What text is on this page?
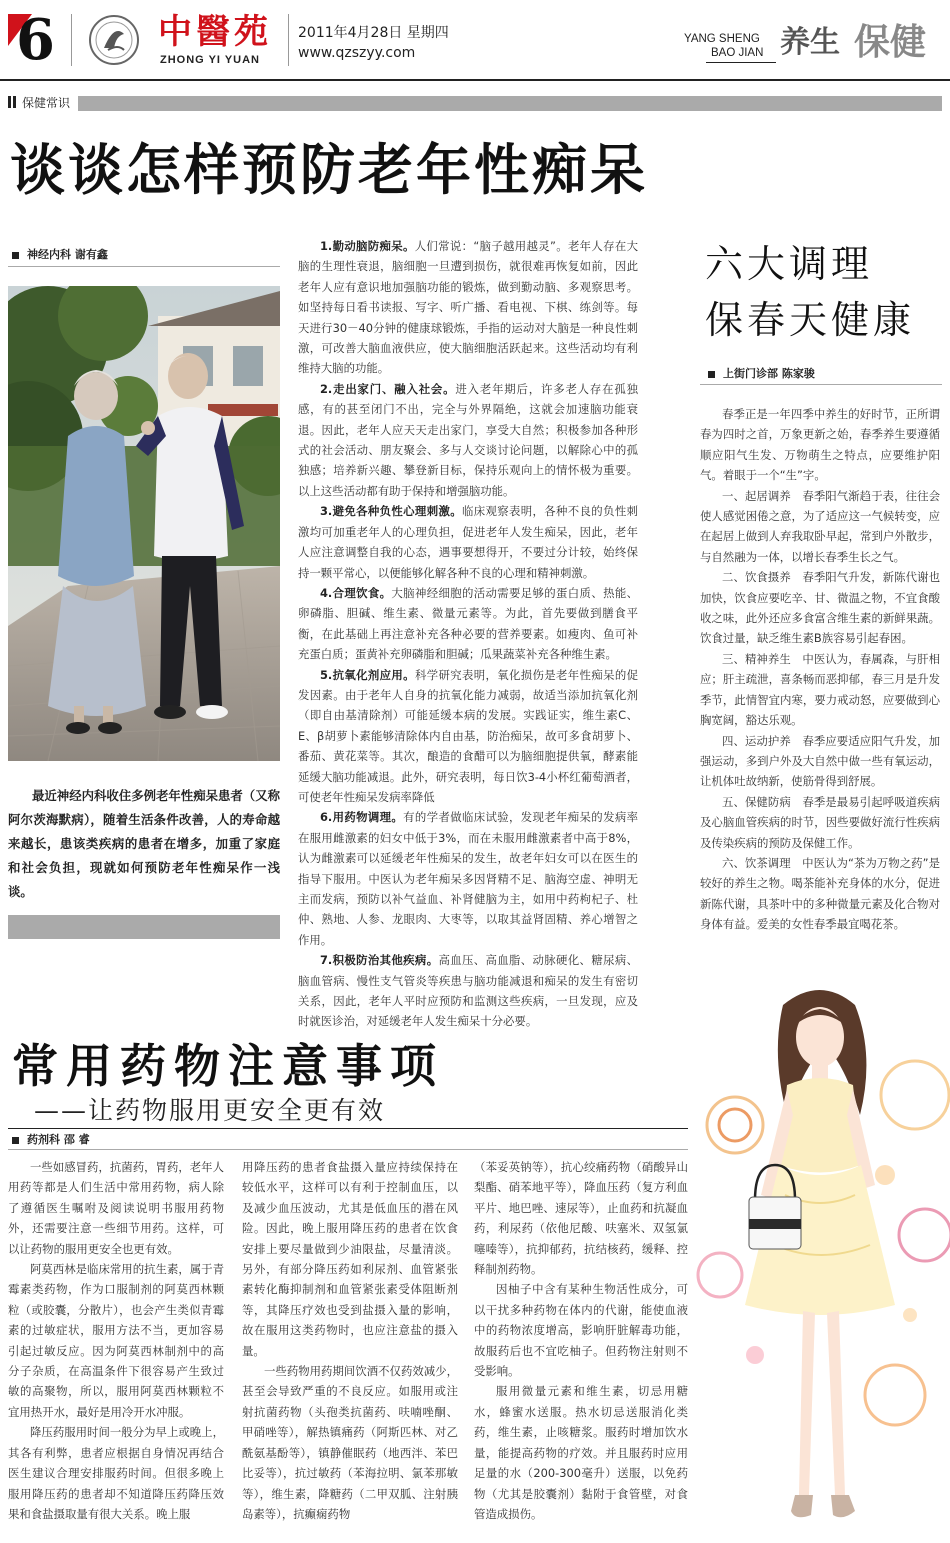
6	中醫苑
ZHONG YI YUAN
2011年4月28日 星期四
www.qzszyy.com
YANG SHENG
BAO JIAN 养生 保健
保健常识
谈谈怎样预防老年性痴呆
神经内科 谢有鑫
最近神经内科收住多例老年性痴呆患者（又称阿尔茨海默病），随着生活条件改善，人的寿命越来越长，患该类疾病的患者在增多，加重了家庭和社会负担，现就如何预防老年性痴呆作一浅谈。

1.勤动脑防痴呆。人们常说：“脑子越用越灵”。老年人存在大脑的生理性衰退，脑细胞一旦遭到损伤，就很难再恢复如前，因此老年人应有意识地加强脑功能的锻炼，做到勤动脑、多观察思考。如坚持每日看书读报、写字、听广播、看电视、下棋、练剑等。每天进行30－40分钟的健康球锻炼，手指的运动对大脑是一种良性刺激，可改善大脑血液供应，使大脑细胞活跃起来。这些活动均有利维持大脑的功能。

2.走出家门、融入社会。进入老年期后，许多老人存在孤独感，有的甚至闭门不出，完全与外界隔绝，这就会加速脑功能衰退。因此，老年人应天天走出家门，享受大自然；积极参加各种形式的社会活动、朋友聚会、多与人交谈讨论问题，以解除心中的孤独感；培养新兴趣、攀登新目标，保持乐观向上的情怀极为重要。以上这些活动都有助于保持和增强脑功能。

3.避免各种负性心理刺激。临床观察表明，各种不良的负性刺激均可加重老年人的心理负担，促进老年人发生痴呆，因此，老年人应注意调整自我的心态，遇事要想得开，不要过分计较，始终保持一颗平常心，以便能够化解各种不良的心理和精神刺激。

4.合理饮食。大脑神经细胞的活动需要足够的蛋白质、热能、卵磷脂、胆碱、维生素、微量元素等。为此，首先要做到膳食平衡，在此基础上再注意补充各种必要的营养要素。如瘦肉、鱼可补充蛋白质；蛋黄补充卵磷脂和胆碱；瓜果蔬菜补充各种维生素。

5.抗氧化剂应用。科学研究表明，氧化损伤是老年性痴呆的促发因素。由于老年人自身的抗氧化能力减弱，故适当添加抗氧化剂（即自由基清除剂）可能延缓本病的发展。实践证实，维生素C、E、β胡萝卜素能够清除体内自由基，防治痴呆，故可多食胡萝卜、番茄、黄花菜等。其次，酿造的食醋可以为脑细胞提供氧，酵素能延缓大脑功能减退。此外，研究表明，每日饮3-4小杯红葡萄酒者，可使老年性痴呆发病率降低

6.用药物调理。有的学者做临床试验，发现老年痴呆的发病率在服用雌激素的妇女中低于3%，而在未服用雌激素者中高于8%，认为雌激素可以延缓老年性痴呆的发生，故老年妇女可以在医生的指导下服用。中医认为老年痴呆多因肾精不足、脑海空虚、神明无主而发病，预防以补气益血、补肾健脑为主，如用中药枸杞子、杜仲、熟地、人参、龙眼肉、大枣等，以取其益肾固精、养心增智之作用。

7.积极防治其他疾病。高血压、高血脂、动脉硬化、糖尿病、脑血管病、慢性支气管炎等疾患与脑功能减退和痴呆的发生有密切关系，因此，老年人平时应预防和监测这些疾病，一旦发现，应及时就医诊治，对延缓老年人发生痴呆十分必要。

六大调理
保春天健康
上街门诊部 陈家骏

春季正是一年四季中养生的好时节，正所谓春为四时之首，万象更新之始，春季养生要遵循顺应阳气生发、万物萌生之特点，应要维护阳气。着眼于一个“生”字。

一、起居调养　春季阳气渐趋于表，往往会使人感觉困倦之意，为了适应这一气候转变，应在起居上做到人弃我取卧早起，常到户外散步，与自然融为一体，以增长春季生长之气。

二、饮食摄养　春季阳气升发，新陈代谢也加快，饮食应要吃辛、甘、微温之物，不宜食酸收之味，此外还应多食富含维生素的新鲜果蔬。饮食过量，缺乏维生素B族容易引起春困。

三、精神养生　中医认为，春属森，与肝相应；肝主疏泄，喜条畅而恶抑郁，春三月是升发季节，此情智宜内寒，要力戒动怒，应要做到心胸宽阔，豁达乐观。

四、运动护养　春季应要适应阳气升发，加强运动，多到户外及大自然中做一些有氧运动，让机体吐故纳新，使筋骨得到舒展。

五、保健防病　春季是最易引起呼吸道疾病及心脑血管疾病的时节，因些要做好流行性疾病及传染疾病的预防及保健工作。

六、饮茶调理　中医认为“茶为万物之药”是较好的养生之物。喝茶能补充身体的水分，促进新陈代谢，具茶叶中的多种微量元素及化合物对身体有益。爱美的女性春季最宜喝花茶。

常用药物注意事项
——让药物服用更安全更有效
药剂科 邵 睿

一些如感冒药，抗菌药，胃药，老年人用药等都是人们生活中常用药物，病人除了遵循医生嘱咐及阅读说明书服用药物外，还需要注意一些细节用药。这样，可以让药物的服用更安全也更有效。

阿莫西林是临床常用的抗生素，属于青霉素类药物，作为口服制剂的阿莫西林颗粒（或胶囊，分散片），也会产生类似青霉素的过敏症状，服用方法不当，更加容易引起过敏反应。因为阿莫西林制剂中的高分子杂质，在高温条件下很容易产生致过敏的高聚物，所以，服用阿莫西林颗粒不宜用热开水，最好是用冷开水冲服。

降压药服用时间一般分为早上或晚上，其各有利弊，患者应根据自身情况再结合医生建议合理安排服药时间。但很多晚上服用降压药的患者却不知道降压药降压效果和食盐摄取量有很大关系。晚上服

用降压药的患者食盐摄入量应持续保持在较低水平，这样可以有利于控制血压，以及减少血压波动，尤其是低血压的潜在风险。因此，晚上服用降压药的患者在饮食安排上要尽量做到少油限盐，尽量清淡。另外，有部分降压药如利尿剂、血管紧张素转化酶抑制剂和血管紧张素受体阻断剂等，其降压疗效也受到盐摄入量的影响，故在服用这类药物时，也应注意盐的摄入量。

一些药物用药期间饮酒不仅药效减少，甚至会导致严重的不良反应。如服用或注射抗菌药物（头孢类抗菌药、呋喃唑酮、甲硝唑等），解热镇痛药（阿斯匹林、对乙酰氨基酚等），镇静催眠药（地西泮、苯巴比妥等），抗过敏药（苯海拉明、氯苯那敏等），维生素，降糖药（二甲双胍、注射胰岛素等），抗癫痫药物

（苯妥英钠等），抗心绞痛药物（硝酸异山梨酯、硝苯地平等），降血压药（复方利血平片、地巴唑、速尿等），止血药和抗凝血药，利尿药（依他尼酸、呋塞米、双氢氯噻嗪等），抗抑郁药，抗结核药，缓释、控释制剂药物。

因柚子中含有某种生物活性成分，可以干扰多种药物在体内的代谢，能使血液中的药物浓度增高，影响肝脏解毒功能，故服药后也不宜吃柚子。但药物注射则不受影响。

服用微量元素和维生素，切忌用糖水，蜂蜜水送服。热水切忌送服消化类药，维生素，止咳糖浆。服药时增加饮水量，能提高药物的疗效。并且服药时应用足量的水（200-300毫升）送服，以免药物（尤其是胶囊剂）黏附于食管壁，对食管造成损伤。
